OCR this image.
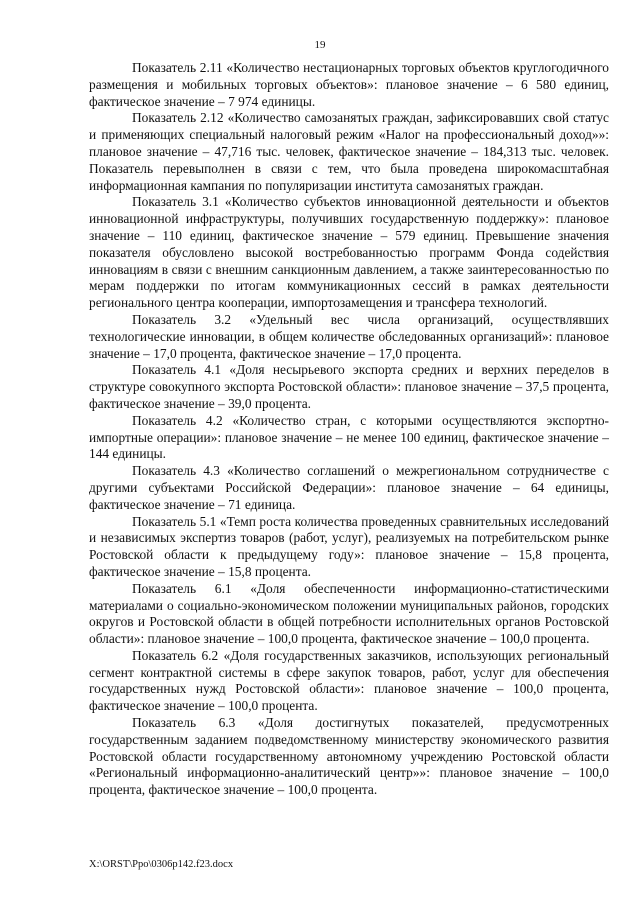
19

Показатель 2.11 «Количество нестационарных торговых объектов круглогодичного размещения и мобильных торговых объектов»: плановое значение – 6 580 единиц, фактическое значение – 7 974 единицы.

Показатель 2.12 «Количество самозанятых граждан, зафиксировавших свой статус и применяющих специальный налоговый режим «Налог на профессиональный доход»»: плановое значение – 47,716 тыс. человек, фактическое значение – 184,313 тыс. человек. Показатель перевыполнен в связи с тем, что была проведена широкомасштабная информационная кампания по популяризации института самозанятых граждан.

Показатель 3.1 «Количество субъектов инновационной деятельности и объектов инновационной инфраструктуры, получивших государственную поддержку»: плановое значение – 110 единиц, фактическое значение – 579 единиц. Превышение значения показателя обусловлено высокой востребованностью программ Фонда содействия инновациям в связи с внешним санкционным давлением, а также заинтересованностью по мерам поддержки по итогам коммуникационных сессий в рамках деятельности регионального центра кооперации, импортозамещения и трансфера технологий.

Показатель 3.2 «Удельный вес числа организаций, осуществлявших технологические инновации, в общем количестве обследованных организаций»: плановое значение – 17,0 процента, фактическое значение – 17,0 процента.

Показатель 4.1 «Доля несырьевого экспорта средних и верхних переделов в структуре совокупного экспорта Ростовской области»: плановое значение – 37,5 процента, фактическое значение – 39,0 процента.

Показатель 4.2 «Количество стран, с которыми осуществляются экспортно-импортные операции»: плановое значение – не менее 100 единиц, фактическое значение – 144 единицы.

Показатель 4.3 «Количество соглашений о межрегиональном сотрудничестве с другими субъектами Российской Федерации»: плановое значение – 64 единицы, фактическое значение – 71 единица.

Показатель 5.1 «Темп роста количества проведенных сравнительных исследований и независимых экспертиз товаров (работ, услуг), реализуемых на потребительском рынке Ростовской области к предыдущему году»: плановое значение – 15,8 процента, фактическое значение – 15,8 процента.

Показатель 6.1 «Доля обеспеченности информационно-статистическими материалами о социально-экономическом положении муниципальных районов, городских округов и Ростовской области в общей потребности исполнительных органов Ростовской области»: плановое значение – 100,0 процента, фактическое значение – 100,0 процента.

Показатель 6.2 «Доля государственных заказчиков, использующих региональный сегмент контрактной системы в сфере закупок товаров, работ, услуг для обеспечения государственных нужд Ростовской области»: плановое значение – 100,0 процента, фактическое значение – 100,0 процента.

Показатель 6.3 «Доля достигнутых показателей, предусмотренных государственным заданием подведомственному министерству экономического развития Ростовской области государственному автономному учреждению Ростовской области «Региональный информационно-аналитический центр»»: плановое значение – 100,0 процента, фактическое значение – 100,0 процента.

X:\ORST\Ppo\0306p142.f23.docx
